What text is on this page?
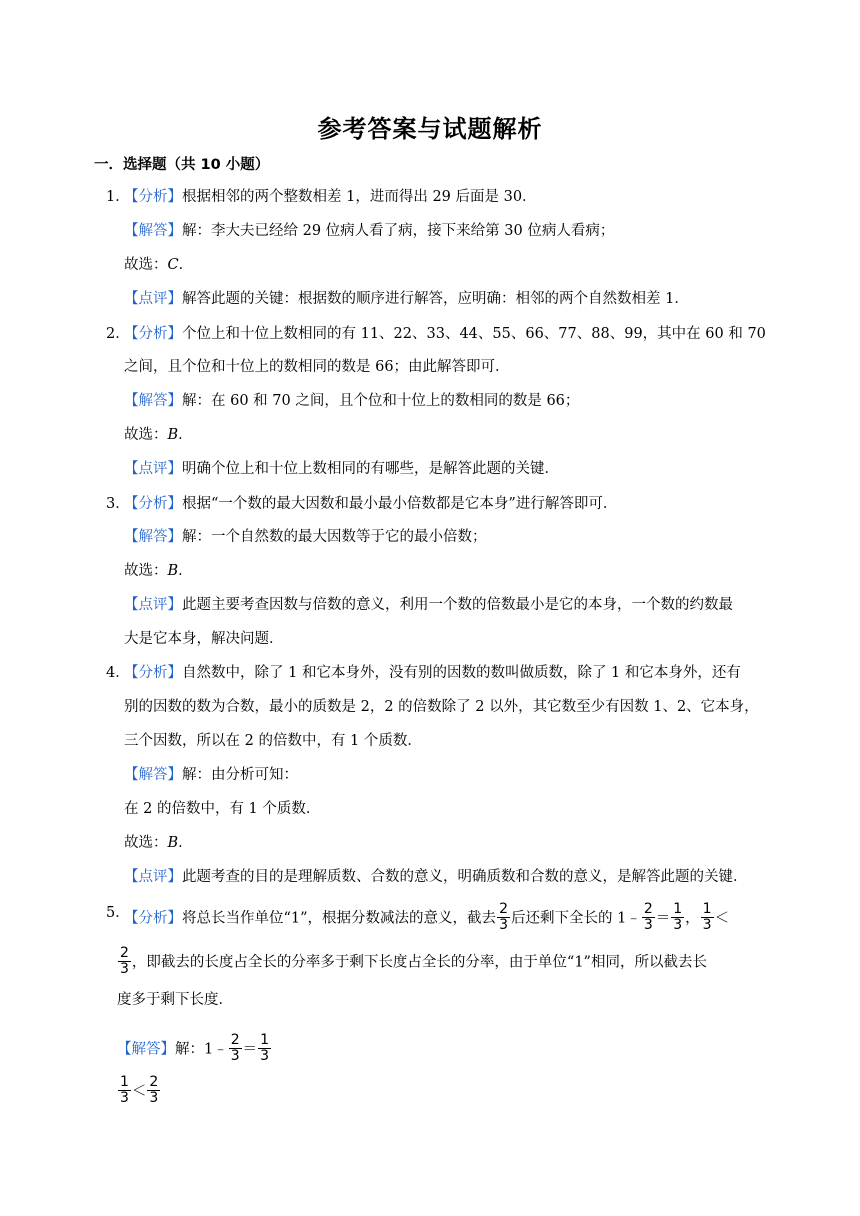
参考答案与试题解析
一．选择题（共 10 小题）
1．
【分析】根据相邻的两个整数相差 1，进而得出 29 后面是 30．
【解答】解：李大夫已经给 29 位病人看了病，接下来给第 30 位病人看病；
故选：C．
【点评】解答此题的关键：根据数的顺序进行解答，应明确：相邻的两个自然数相差 1．
2．
【分析】个位上和十位上数相同的有 11、22、33、44、55、66、77、88、99，其中在 60 和 70
之间，且个位和十位上的数相同的数是 66；由此解答即可．
【解答】解：在 60 和 70 之间，且个位和十位上的数相同的数是 66；
故选：B．
【点评】明确个位上和十位上数相同的有哪些，是解答此题的关键．
3．
【分析】根据“一个数的最大因数和最小最小倍数都是它本身”进行解答即可．
【解答】解：一个自然数的最大因数等于它的最小倍数；
故选：B．
【点评】此题主要考查因数与倍数的意义，利用一个数的倍数最小是它的本身，一个数的约数最
大是它本身，解决问题．
4．
【分析】自然数中，除了 1 和它本身外，没有别的因数的数叫做质数，除了 1 和它本身外，还有
别的因数的数为合数，最小的质数是 2，2 的倍数除了 2 以外，其它数至少有因数 1、2、它本身，
三个因数，所以在 2 的倍数中，有 1 个质数．
【解答】解：由分析可知：
在 2 的倍数中，有 1 个质数．
故选：B．
【点评】此题考查的目的是理解质数、合数的意义，明确质数和合数的意义，是解答此题的关键．
5．
【分析】将总长当作单位“1”，根据分数减法的意义，截去 $\frac{2}{3}$ 后还剩下全长的 1﹣ $\frac{2}{3} = \frac{1}{3}$ ， $\frac{1}{3}$ ＜
$\frac{2}{3}$ ，即截去的长度占全长的分率多于剩下长度占全长的分率，由于单位“1”相同，所以截去长
度多于剩下长度．
【解答】解：1﹣ $\frac{2}{3} = \frac{1}{3}$
$\frac{1}{3} < \frac{2}{3}$
